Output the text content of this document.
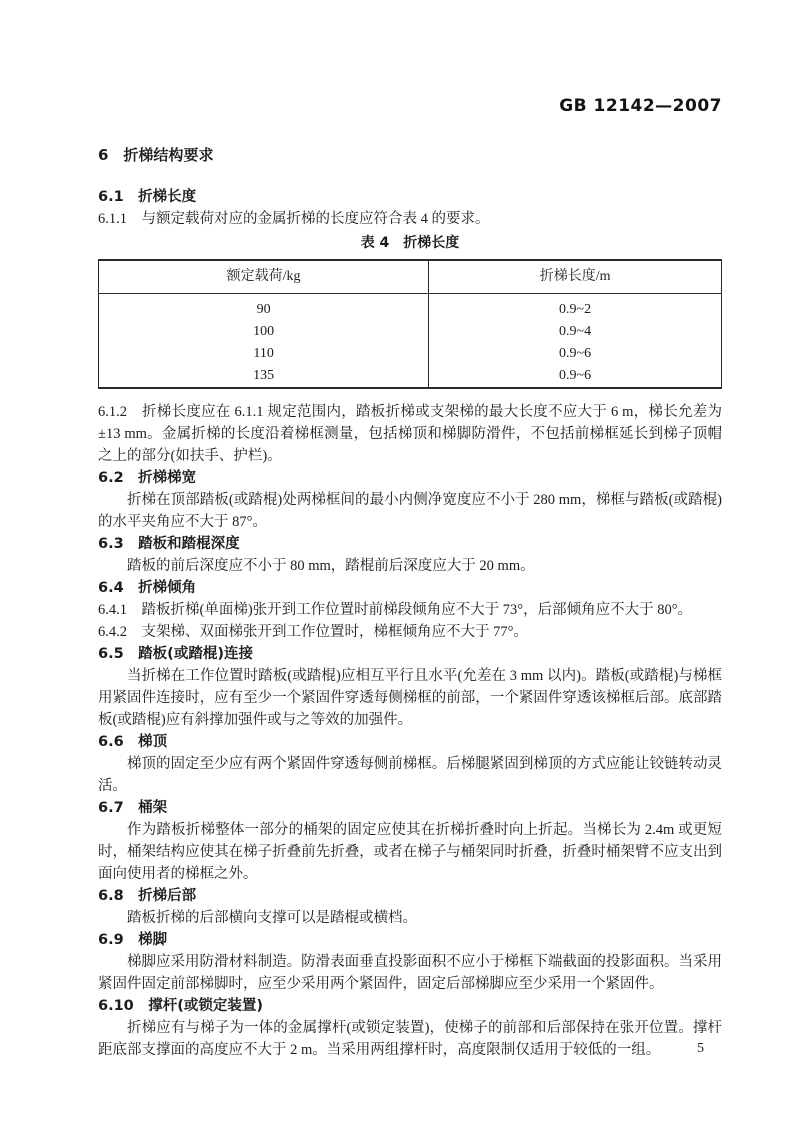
GB 12142—2007

6　折梯结构要求

6.1　折梯长度

6.1.1　与额定载荷对应的金属折梯的长度应符合表 4 的要求。

表 4　折梯长度

额定载荷/kg	折梯长度/m
90	0.9~2
100	0.9~4
110	0.9~6
135	0.9~6

6.1.2　折梯长度应在 6.1.1 规定范围内，踏板折梯或支架梯的最大长度不应大于 6 m，梯长允差为 ±13 mm。金属折梯的长度沿着梯框测量，包括梯顶和梯脚防滑件，不包括前梯框延长到梯子顶帽之上的部分(如扶手、护栏)。

6.2　折梯梯宽

折梯在顶部踏板(或踏棍)处两梯框间的最小内侧净宽度应不小于 280 mm，梯框与踏板(或踏棍)的水平夹角应不大于 87°。

6.3　踏板和踏棍深度

踏板的前后深度应不小于 80 mm，踏棍前后深度应大于 20 mm。

6.4　折梯倾角

6.4.1　踏板折梯(单面梯)张开到工作位置时前梯段倾角应不大于 73°，后部倾角应不大于 80°。

6.4.2　支架梯、双面梯张开到工作位置时，梯框倾角应不大于 77°。

6.5　踏板(或踏棍)连接

当折梯在工作位置时踏板(或踏棍)应相互平行且水平(允差在 3 mm 以内)。踏板(或踏棍)与梯框用紧固件连接时，应有至少一个紧固件穿透每侧梯框的前部，一个紧固件穿透该梯框后部。底部踏板(或踏棍)应有斜撑加强件或与之等效的加强件。

6.6　梯顶

梯顶的固定至少应有两个紧固件穿透每侧前梯框。后梯腿紧固到梯顶的方式应能让铰链转动灵活。

6.7　桶架

作为踏板折梯整体一部分的桶架的固定应使其在折梯折叠时向上折起。当梯长为 2.4m 或更短时，桶架结构应使其在梯子折叠前先折叠，或者在梯子与桶架同时折叠，折叠时桶架臂不应支出到面向使用者的梯框之外。

6.8　折梯后部

踏板折梯的后部横向支撑可以是踏棍或横档。

6.9　梯脚

梯脚应采用防滑材料制造。防滑表面垂直投影面积不应小于梯框下端截面的投影面积。当采用紧固件固定前部梯脚时，应至少采用两个紧固件，固定后部梯脚应至少采用一个紧固件。

6.10　撑杆(或锁定装置)

折梯应有与梯子为一体的金属撑杆(或锁定装置)，使梯子的前部和后部保持在张开位置。撑杆距底部支撑面的高度应不大于 2 m。当采用两组撑杆时，高度限制仅适用于较低的一组。	5
